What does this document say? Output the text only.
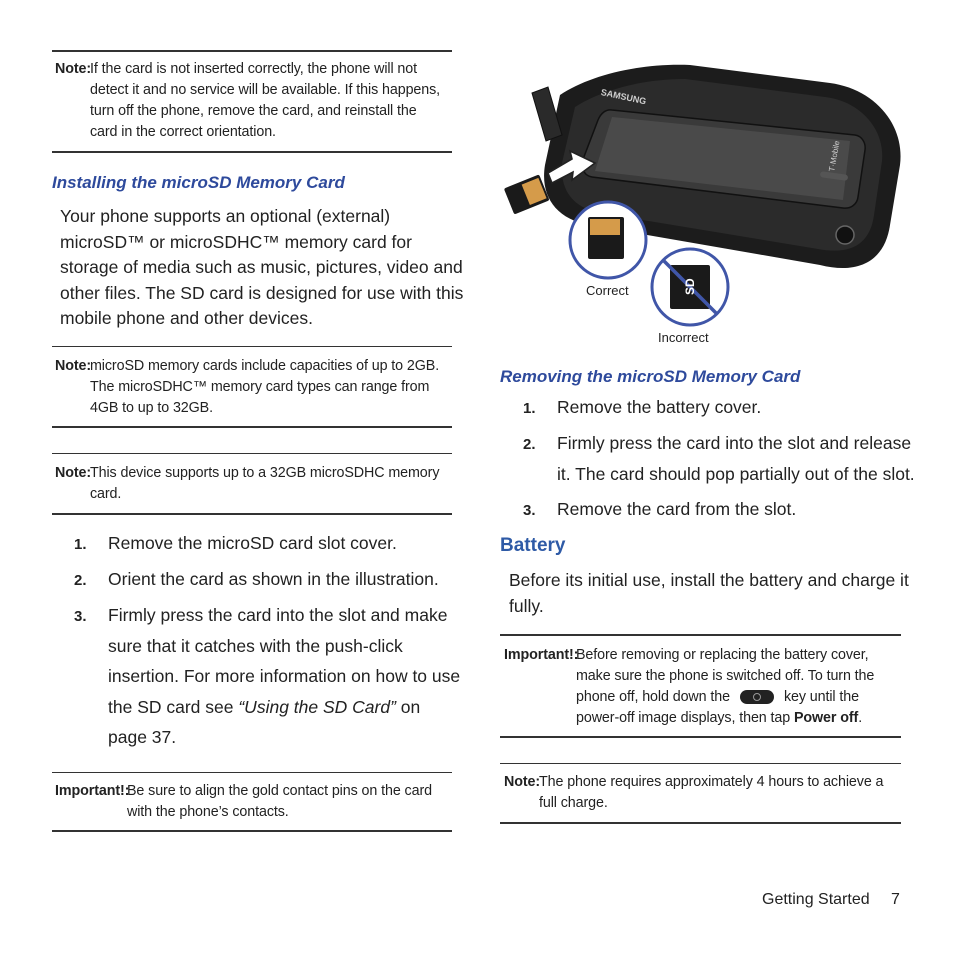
Note:
If the card is not inserted correctly, the phone will not
detect it and no service will be available. If this happens,
turn off the phone, remove the card, and reinstall the
card in the correct orientation.
Installing the microSD Memory Card
Your phone supports an optional (external)
microSD™ or microSDHC™ memory card for
storage of media such as music, pictures, video and
other files. The SD card is designed for use with this
mobile phone and other devices.
Note:
microSD memory cards include capacities of up to 2GB.
The microSDHC™ memory card types can range from
4GB to up to 32GB.
Note:
This device supports up to a 32GB microSDHC memory
card.
1. Remove the microSD card slot cover.
2. Orient the card as shown in the illustration.
3. Firmly press the card into the slot and make
sure that it catches with the push-click
insertion. For more information on how to use
the SD card see “Using the SD Card” on
page 37.
Important!:
Be sure to align the gold contact pins on the card
with the phone’s contacts.
SAMSUNG
T·Mobile
Correct	SD
Incorrect
Removing the microSD Memory Card
1. Remove the battery cover.
2. Firmly press the card into the slot and release
it. The card should pop partially out of the slot.
3. Remove the card from the slot.
Battery
Before its initial use, install the battery and charge it
fully.
Important!:
Before removing or replacing the battery cover,
make sure the phone is switched off. To turn the
phone off, hold down the	key until the
power-off image displays, then tap Power off.
Note:
The phone requires approximately 4 hours to achieve a
full charge.
Getting Started 7
